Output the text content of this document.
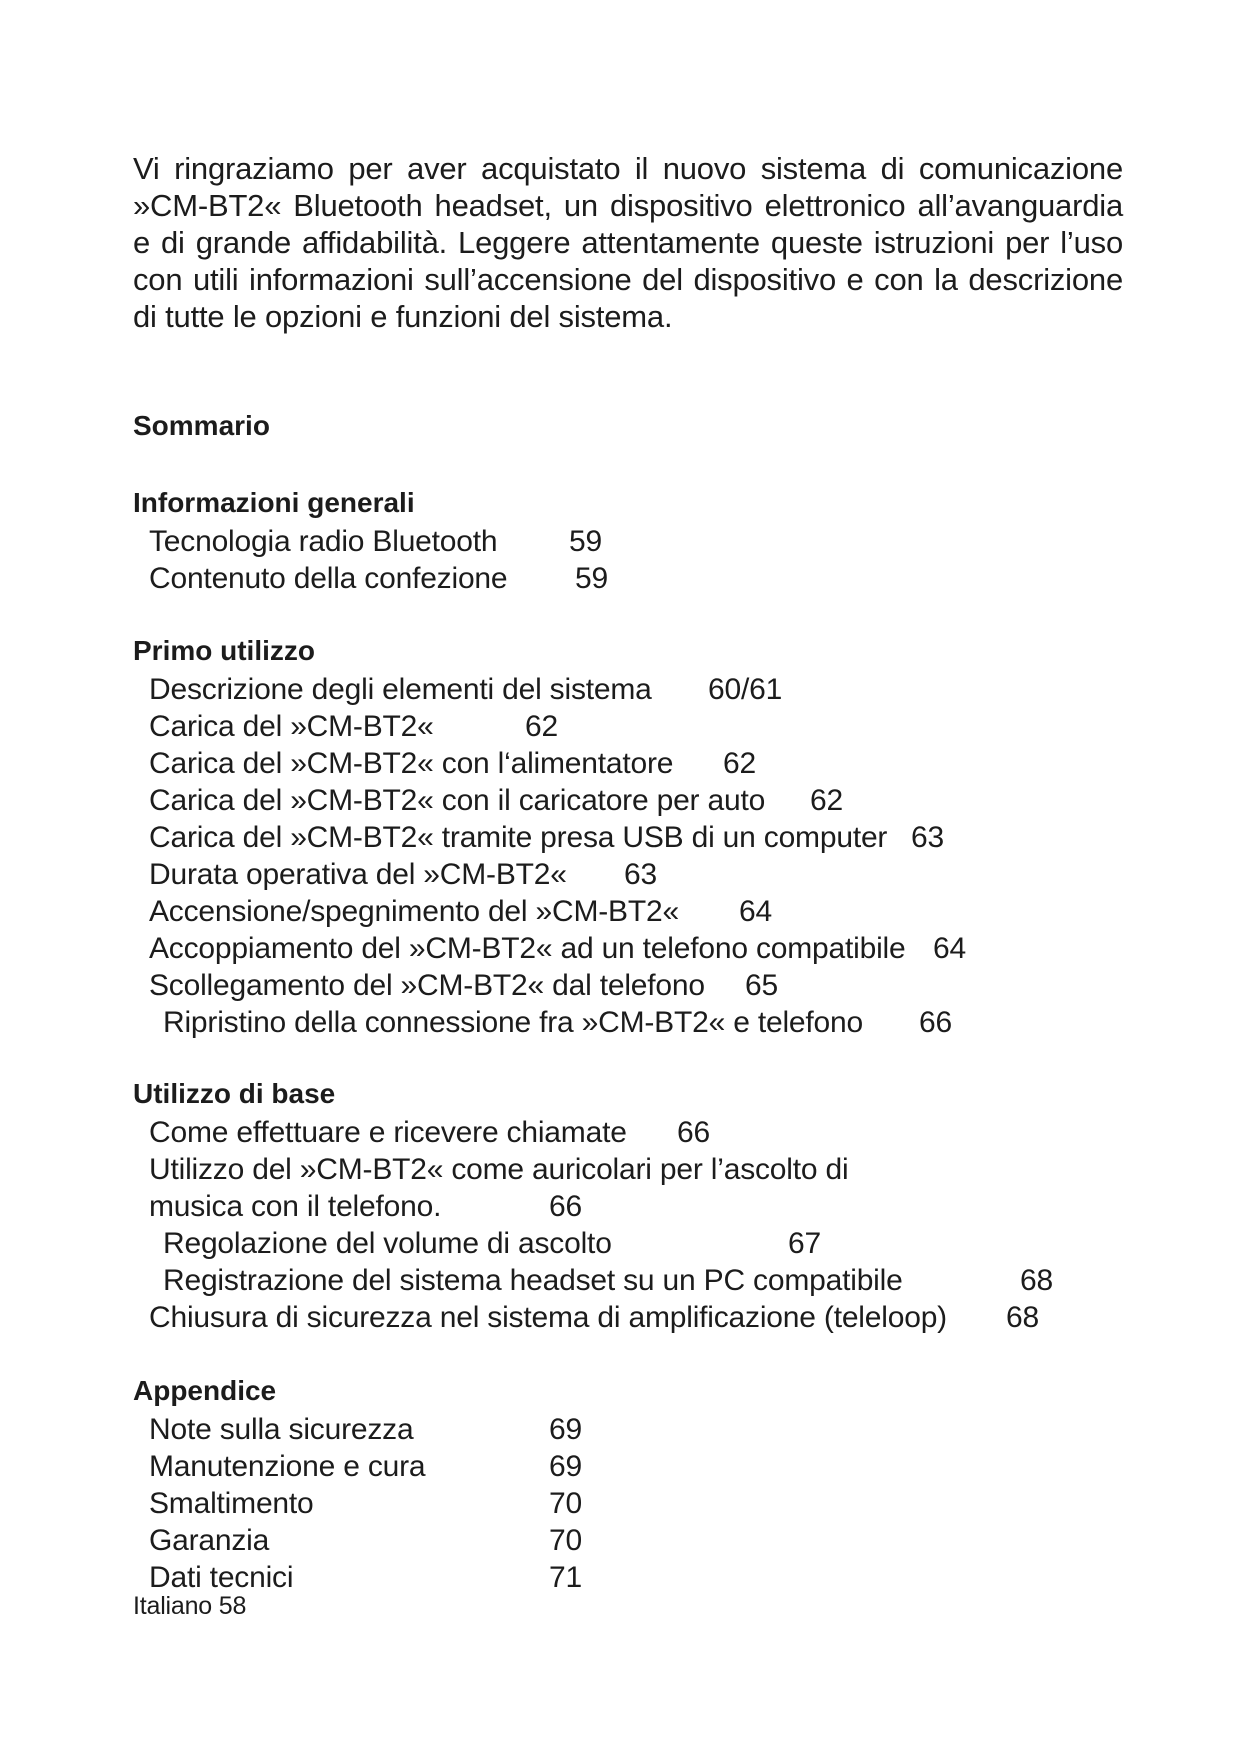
Vi ringraziamo per aver acquistato il nuovo sistema di comunicazione »CM-BT2« Bluetooth headset, un dispositivo elettronico all’avanguardia e di grande affidabilità. Leggere attentamente queste istruzioni per l’uso con utili informazioni sull’accensione del dispositivo e con la descrizione di tutte le opzioni e funzioni del sistema.

Sommario
Informazioni generali
Tecnologia radio Bluetooth 59
Contenuto della confezione 59
Primo utilizzo
Descrizione degli elementi del sistema 60/61
Carica del »CM-BT2«	62
Carica del »CM-BT2« con l‘alimentatore 62
Carica del »CM-BT2« con il caricatore per auto 62
Carica del »CM-BT2« tramite presa USB di un computer 63
Durata operativa del »CM-BT2« 63
Accensione/spegnimento del »CM-BT2« 64
Accoppiamento del »CM-BT2« ad un telefono compatibile 64
Scollegamento del »CM-BT2« dal telefono 65
Ripristino della connessione fra »CM-BT2« e telefono 66
Utilizzo di base
Come effettuare e ricevere chiamate 66
Utilizzo del »CM-BT2« come auricolari per l’ascolto di
musica con il telefono.	66
Regolazione del volume di ascolto	67
Registrazione del sistema headset su un PC compatibile	68
Chiusura di sicurezza nel sistema di amplificazione (teleloop) 68
Appendice
Note sulla sicurezza	69
Manutenzione e cura	69
Smaltimento	70
Garanzia	70
Dati tecnici	71
Italiano 58
